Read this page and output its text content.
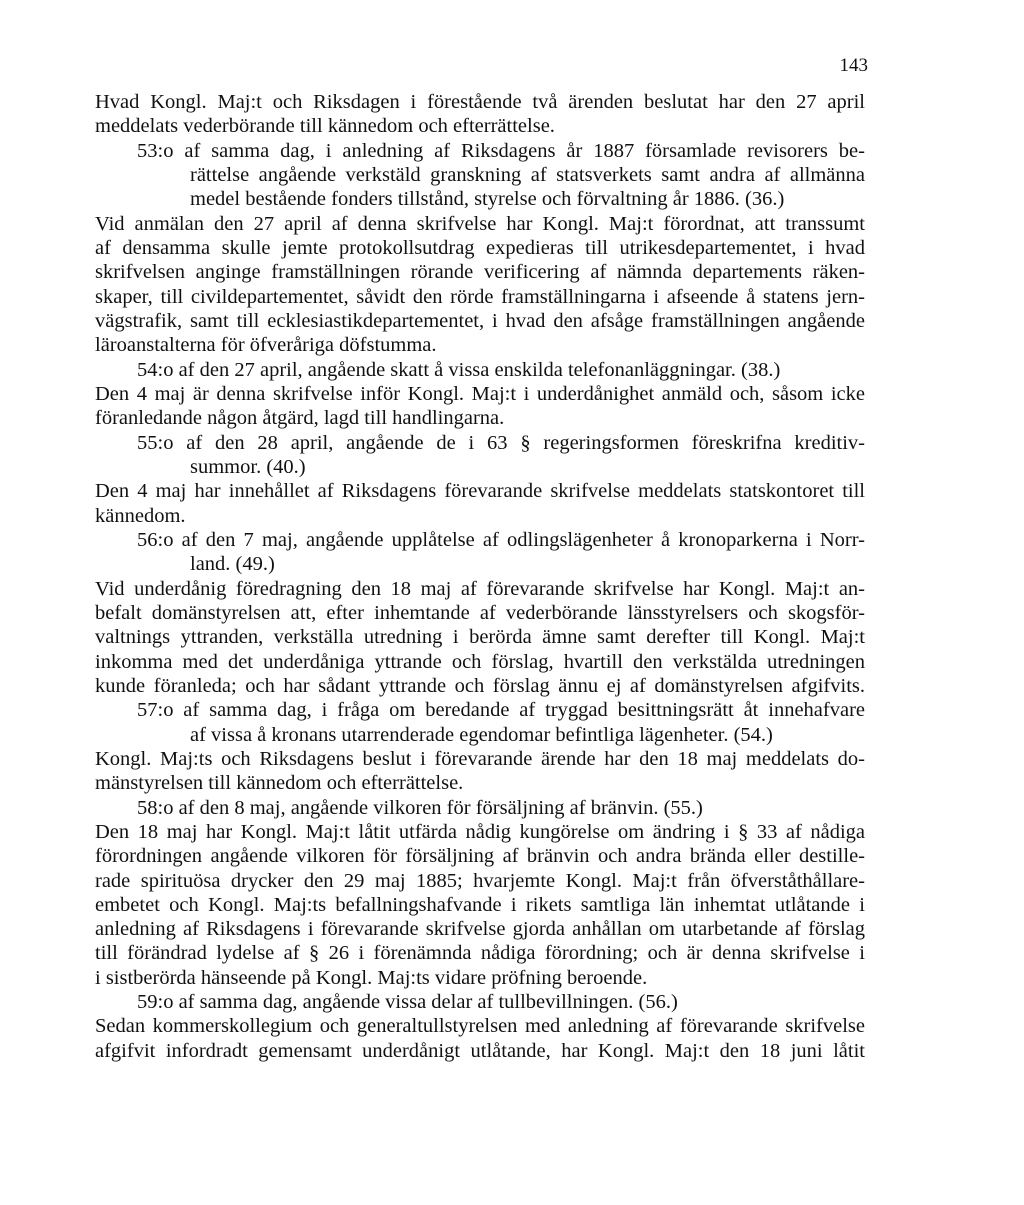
143
Hvad Kongl. Maj:t och Riksdagen i förestående två ärenden beslutat har den 27 april
meddelats vederbörande till kännedom och efterrättelse.
53:o af samma dag, i anledning af Riksdagens år 1887 församlade revisorers be-
rättelse angående verkstäld granskning af statsverkets samt andra af allmänna
medel bestående fonders tillstånd, styrelse och förvaltning år 1886. (36.)
Vid anmälan den 27 april af denna skrifvelse har Kongl. Maj:t förordnat, att transsumt
af densamma skulle jemte protokollsutdrag expedieras till utrikesdepartementet, i hvad
skrifvelsen anginge framställningen rörande verificering af nämnda departements räken-
skaper, till civildepartementet, såvidt den rörde framställningarna i afseende å statens jern-
vägstrafik, samt till ecklesiastikdepartementet, i hvad den afsåge framställningen angående
läroanstalterna för öfveråriga döfstumma.
54:o af den 27 april, angående skatt å vissa enskilda telefonanläggningar. (38.)
Den 4 maj är denna skrifvelse inför Kongl. Maj:t i underdånighet anmäld och, såsom icke
föranledande någon åtgärd, lagd till handlingarna.
55:o af den 28 april, angående de i 63 § regeringsformen föreskrifna kreditiv-
summor. (40.)
Den 4 maj har innehållet af Riksdagens förevarande skrifvelse meddelats statskontoret till
kännedom.
56:o af den 7 maj, angående upplåtelse af odlingslägenheter å kronoparkerna i Norr-
land. (49.)
Vid underdånig föredragning den 18 maj af förevarande skrifvelse har Kongl. Maj:t an-
befalt domänstyrelsen att, efter inhemtande af vederbörande länsstyrelsers och skogsför-
valtnings yttranden, verkställa utredning i berörda ämne samt derefter till Kongl. Maj:t
inkomma med det underdåniga yttrande och förslag, hvartill den verkstälda utredningen
kunde föranleda; och har sådant yttrande och förslag ännu ej af domänstyrelsen afgifvits.
57:o af samma dag, i fråga om beredande af tryggad besittningsrätt åt innehafvare
af vissa å kronans utarrenderade egendomar befintliga lägenheter. (54.)
Kongl. Maj:ts och Riksdagens beslut i förevarande ärende har den 18 maj meddelats do-
mänstyrelsen till kännedom och efterrättelse.
58:o af den 8 maj, angående vilkoren för försäljning af bränvin. (55.)
Den 18 maj har Kongl. Maj:t låtit utfärda nådig kungörelse om ändring i § 33 af nådiga
förordningen angående vilkoren för försäljning af bränvin och andra brända eller destille-
rade spirituösa drycker den 29 maj 1885; hvarjemte Kongl. Maj:t från öfverståthållare-
embetet och Kongl. Maj:ts befallningshafvande i rikets samtliga län inhemtat utlåtande i
anledning af Riksdagens i förevarande skrifvelse gjorda anhållan om utarbetande af förslag
till förändrad lydelse af § 26 i förenämnda nådiga förordning; och är denna skrifvelse i
i sistberörda hänseende på Kongl. Maj:ts vidare pröfning beroende.
59:o af samma dag, angående vissa delar af tullbevillningen. (56.)
Sedan kommerskollegium och generaltullstyrelsen med anledning af förevarande skrifvelse
afgifvit infordradt gemensamt underdånigt utlåtande, har Kongl. Maj:t den 18 juni låtit
